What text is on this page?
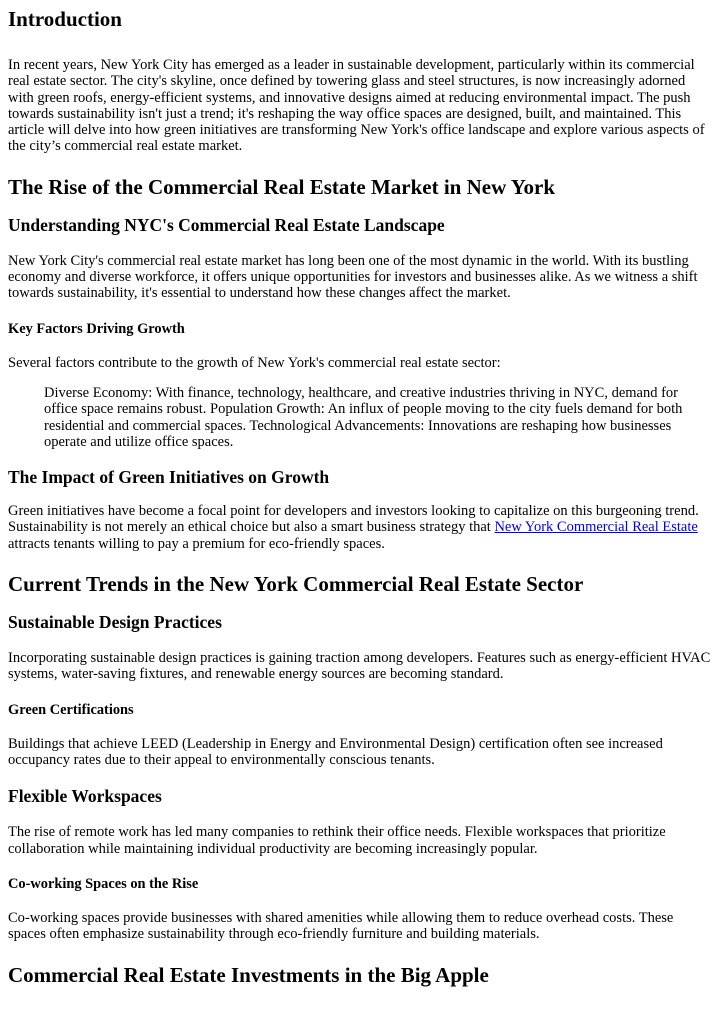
Introduction

In recent years, New York City has emerged as a leader in sustainable development, particularly within its commercial
real estate sector. The city's skyline, once defined by towering glass and steel structures, is now increasingly adorned
with green roofs, energy-efficient systems, and innovative designs aimed at reducing environmental impact. The push
towards sustainability isn't just a trend; it's reshaping the way office spaces are designed, built, and maintained. This
article will delve into how green initiatives are transforming New York's office landscape and explore various aspects of
the city’s commercial real estate market.

The Rise of the Commercial Real Estate Market in New York
Understanding NYC's Commercial Real Estate Landscape

New York City's commercial real estate market has long been one of the most dynamic in the world. With its bustling
economy and diverse workforce, it offers unique opportunities for investors and businesses alike. As we witness a shift
towards sustainability, it's essential to understand how these changes affect the market.

Key Factors Driving Growth

Several factors contribute to the growth of New York's commercial real estate sector:

Diverse Economy: With finance, technology, healthcare, and creative industries thriving in NYC, demand for
office space remains robust. Population Growth: An influx of people moving to the city fuels demand for both
residential and commercial spaces. Technological Advancements: Innovations are reshaping how businesses
operate and utilize office spaces.

The Impact of Green Initiatives on Growth

Green initiatives have become a focal point for developers and investors looking to capitalize on this burgeoning trend.
Sustainability is not merely an ethical choice but also a smart business strategy that New York Commercial Real Estate
attracts tenants willing to pay a premium for eco-friendly spaces.

Current Trends in the New York Commercial Real Estate Sector
Sustainable Design Practices

Incorporating sustainable design practices is gaining traction among developers. Features such as energy-efficient HVAC
systems, water-saving fixtures, and renewable energy sources are becoming standard.

Green Certifications

Buildings that achieve LEED (Leadership in Energy and Environmental Design) certification often see increased
occupancy rates due to their appeal to environmentally conscious tenants.

Flexible Workspaces

The rise of remote work has led many companies to rethink their office needs. Flexible workspaces that prioritize
collaboration while maintaining individual productivity are becoming increasingly popular.

Co-working Spaces on the Rise

Co-working spaces provide businesses with shared amenities while allowing them to reduce overhead costs. These
spaces often emphasize sustainability through eco-friendly furniture and building materials.

Commercial Real Estate Investments in the Big Apple
